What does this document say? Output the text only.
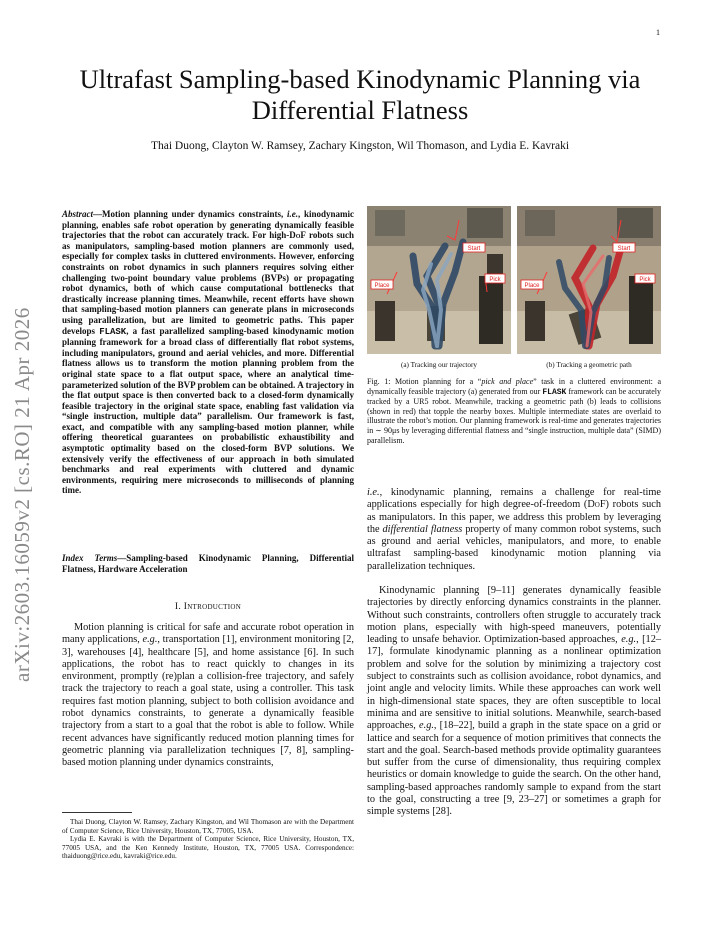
1
arXiv:2603.16059v2 [cs.RO] 21 Apr 2026
Ultrafast Sampling-based Kinodynamic Planning via
Differential Flatness
Thai Duong, Clayton W. Ramsey, Zachary Kingston, Wil Thomason, and Lydia E. Kavraki
Abstract—Motion planning under dynamics constraints, i.e., kinodynamic planning, enables safe robot operation by generating dynamically feasible trajectories that the robot can accurately track. For high-DoF robots such as manipulators, sampling-based motion planners are commonly used, especially for complex tasks in cluttered environments. However, enforcing constraints on robot dynamics in such planners requires solving either challenging two-point boundary value problems (BVPs) or propagating robot dynamics, both of which cause computational bottlenecks that drastically increase planning times. Meanwhile, recent efforts have shown that sampling-based motion planners can generate plans in microseconds using parallelization, but are limited to geometric paths. This paper develops FLASK, a fast parallelized sampling-based kinodynamic motion planning framework for a broad class of differentially flat robot systems, including manipulators, ground and aerial vehicles, and more. Differential flatness allows us to transform the motion planning problem from the original state space to a flat output space, where an analytical time-parameterized solution of the BVP problem can be obtained. A trajectory in the flat output space is then converted back to a closed-form dynamically feasible trajectory in the original state space, enabling fast validation via “single instruction, multiple data” parallelism. Our framework is fast, exact, and compatible with any sampling-based motion planner, while offering theoretical guarantees on probabilistic exhaustibility and asymptotic optimality based on the closed-form BVP solutions. We extensively verify the effectiveness of our approach in both simulated benchmarks and real experiments with cluttered and dynamic environments, requiring mere microseconds to milliseconds of planning time.
Index Terms—Sampling-based Kinodynamic Planning, Differential Flatness, Hardware Acceleration
I. Introduction
Motion planning is critical for safe and accurate robot operation in many applications, e.g., transportation [1], environment monitoring [2, 3], warehouses [4], healthcare [5], and home assistance [6]. In such applications, the robot has to react quickly to changes in its environment, promptly (re)plan a collision-free trajectory, and safely track the trajectory to reach a goal state, using a controller. This task requires fast motion planning, subject to both collision avoidance and robot dynamics constraints, to generate a dynamically feasible trajectory from a start to a goal that the robot is able to follow. While recent advances have significantly reduced motion planning times for geometric planning via parallelization techniques [7, 8], sampling-based motion planning under dynamics constraints,

Thai Duong, Clayton W. Ramsey, Zachary Kingston, and Wil Thomason are with the Department of Computer Science, Rice University, Houston, TX, 77005, USA.

Lydia E. Kavraki is with the Department of Computer Science, Rice University, Houston, TX, 77005 USA, and the Ken Kennedy Institute, Houston, TX, 77005 USA. Correspondence: thaiduong@rice.edu, kavraki@rice.edu.

Start
Place
Pick
Start
Place
Pick
(a) Tracking our trajectory	(b) Tracking a geometric path
Fig. 1: Motion planning for a “pick and place” task in a cluttered environment: a dynamically feasible trajectory (a) generated from our FLASK framework can be accurately tracked by a UR5 robot. Meanwhile, tracking a geometric path (b) leads to collisions (shown in red) that topple the nearby boxes. Multiple intermediate states are overlaid to illustrate the robot’s motion. Our planning framework is real-time and generates trajectories in ∼ 90μs by leveraging differential flatness and “single instruction, multiple data” (SIMD) parallelism.
i.e., kinodynamic planning, remains a challenge for real-time applications especially for high degree-of-freedom (DoF) robots such as manipulators. In this paper, we address this problem by leveraging the differential flatness property of many common robot systems, such as ground and aerial vehicles, manipulators, and more, to enable ultrafast sampling-based kinodynamic motion planning via parallelization techniques.
Kinodynamic planning [9–11] generates dynamically feasible trajectories by directly enforcing dynamics constraints in the planner. Without such constraints, controllers often struggle to accurately track motion plans, especially with high-speed maneuvers, potentially leading to unsafe behavior. Optimization-based approaches, e.g., [12–17], formulate kinodynamic planning as a nonlinear optimization problem and solve for the solution by minimizing a trajectory cost subject to constraints such as collision avoidance, robot dynamics, and joint angle and velocity limits. While these approaches can work well in high-dimensional state spaces, they are often susceptible to local minima and are sensitive to initial solutions. Meanwhile, search-based approaches, e.g., [18–22], build a graph in the state space on a grid or lattice and search for a sequence of motion primitives that connects the start and the goal. Search-based methods provide optimality guarantees but suffer from the curse of dimensionality, thus requiring complex heuristics or domain knowledge to guide the search. On the other hand, sampling-based approaches randomly sample to expand from the start to the goal, constructing a tree [9, 23–27] or sometimes a graph for simple systems [28].
